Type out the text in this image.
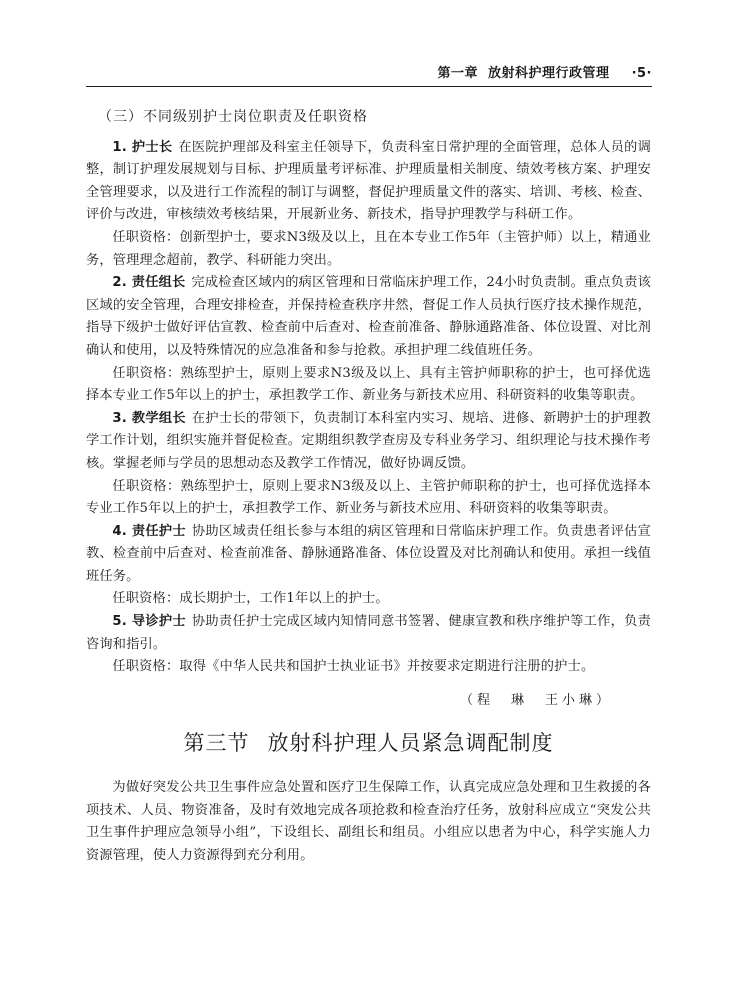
第一章 放射科护理行政管理 ·5·
（三）不同级别护士岗位职责及任职资格

1. 护士长 在医院护理部及科室主任领导下，负责科室日常护理的全面管理，总体人员的调整，制订护理发展规划与目标、护理质量考评标准、护理质量相关制度、绩效考核方案、护理安全管理要求，以及进行工作流程的制订与调整，督促护理质量文件的落实、培训、考核、检查、评价与改进，审核绩效考核结果，开展新业务、新技术，指导护理教学与科研工作。

任职资格：创新型护士，要求N3级及以上，且在本专业工作5年（主管护师）以上，精通业务，管理理念超前，教学、科研能力突出。

2. 责任组长 完成检查区域内的病区管理和日常临床护理工作，24小时负责制。重点负责该区域的安全管理，合理安排检查，并保持检查秩序井然，督促工作人员执行医疗技术操作规范，指导下级护士做好评估宣教、检查前中后查对、检查前准备、静脉通路准备、体位设置、对比剂确认和使用，以及特殊情况的应急准备和参与抢救。承担护理二线值班任务。

任职资格：熟练型护士，原则上要求N3级及以上、具有主管护师职称的护士，也可择优选择本专业工作5年以上的护士，承担教学工作、新业务与新技术应用、科研资料的收集等职责。

3. 教学组长 在护士长的带领下，负责制订本科室内实习、规培、进修、新聘护士的护理教学工作计划，组织实施并督促检查。定期组织教学查房及专科业务学习、组织理论与技术操作考核。掌握老师与学员的思想动态及教学工作情况，做好协调反馈。

任职资格：熟练型护士，原则上要求N3级及以上、主管护师职称的护士，也可择优选择本专业工作5年以上的护士，承担教学工作、新业务与新技术应用、科研资料的收集等职责。

4. 责任护士 协助区域责任组长参与本组的病区管理和日常临床护理工作。负责患者评估宣教、检查前中后查对、检查前准备、静脉通路准备、体位设置及对比剂确认和使用。承担一线值班任务。

任职资格：成长期护士，工作1年以上的护士。

5. 导诊护士 协助责任护士完成区域内知情同意书签署、健康宣教和秩序维护等工作，负责咨询和指引。

任职资格：取得《中华人民共和国护士执业证书》并按要求定期进行注册的护士。

（程　琳　王小琳）
第三节 放射科护理人员紧急调配制度

为做好突发公共卫生事件应急处置和医疗卫生保障工作，认真完成应急处理和卫生救援的各项技术、人员、物资准备，及时有效地完成各项抢救和检查治疗任务，放射科应成立“突发公共卫生事件护理应急领导小组”，下设组长、副组长和组员。小组应以患者为中心，科学实施人力资源管理，使人力资源得到充分利用。
